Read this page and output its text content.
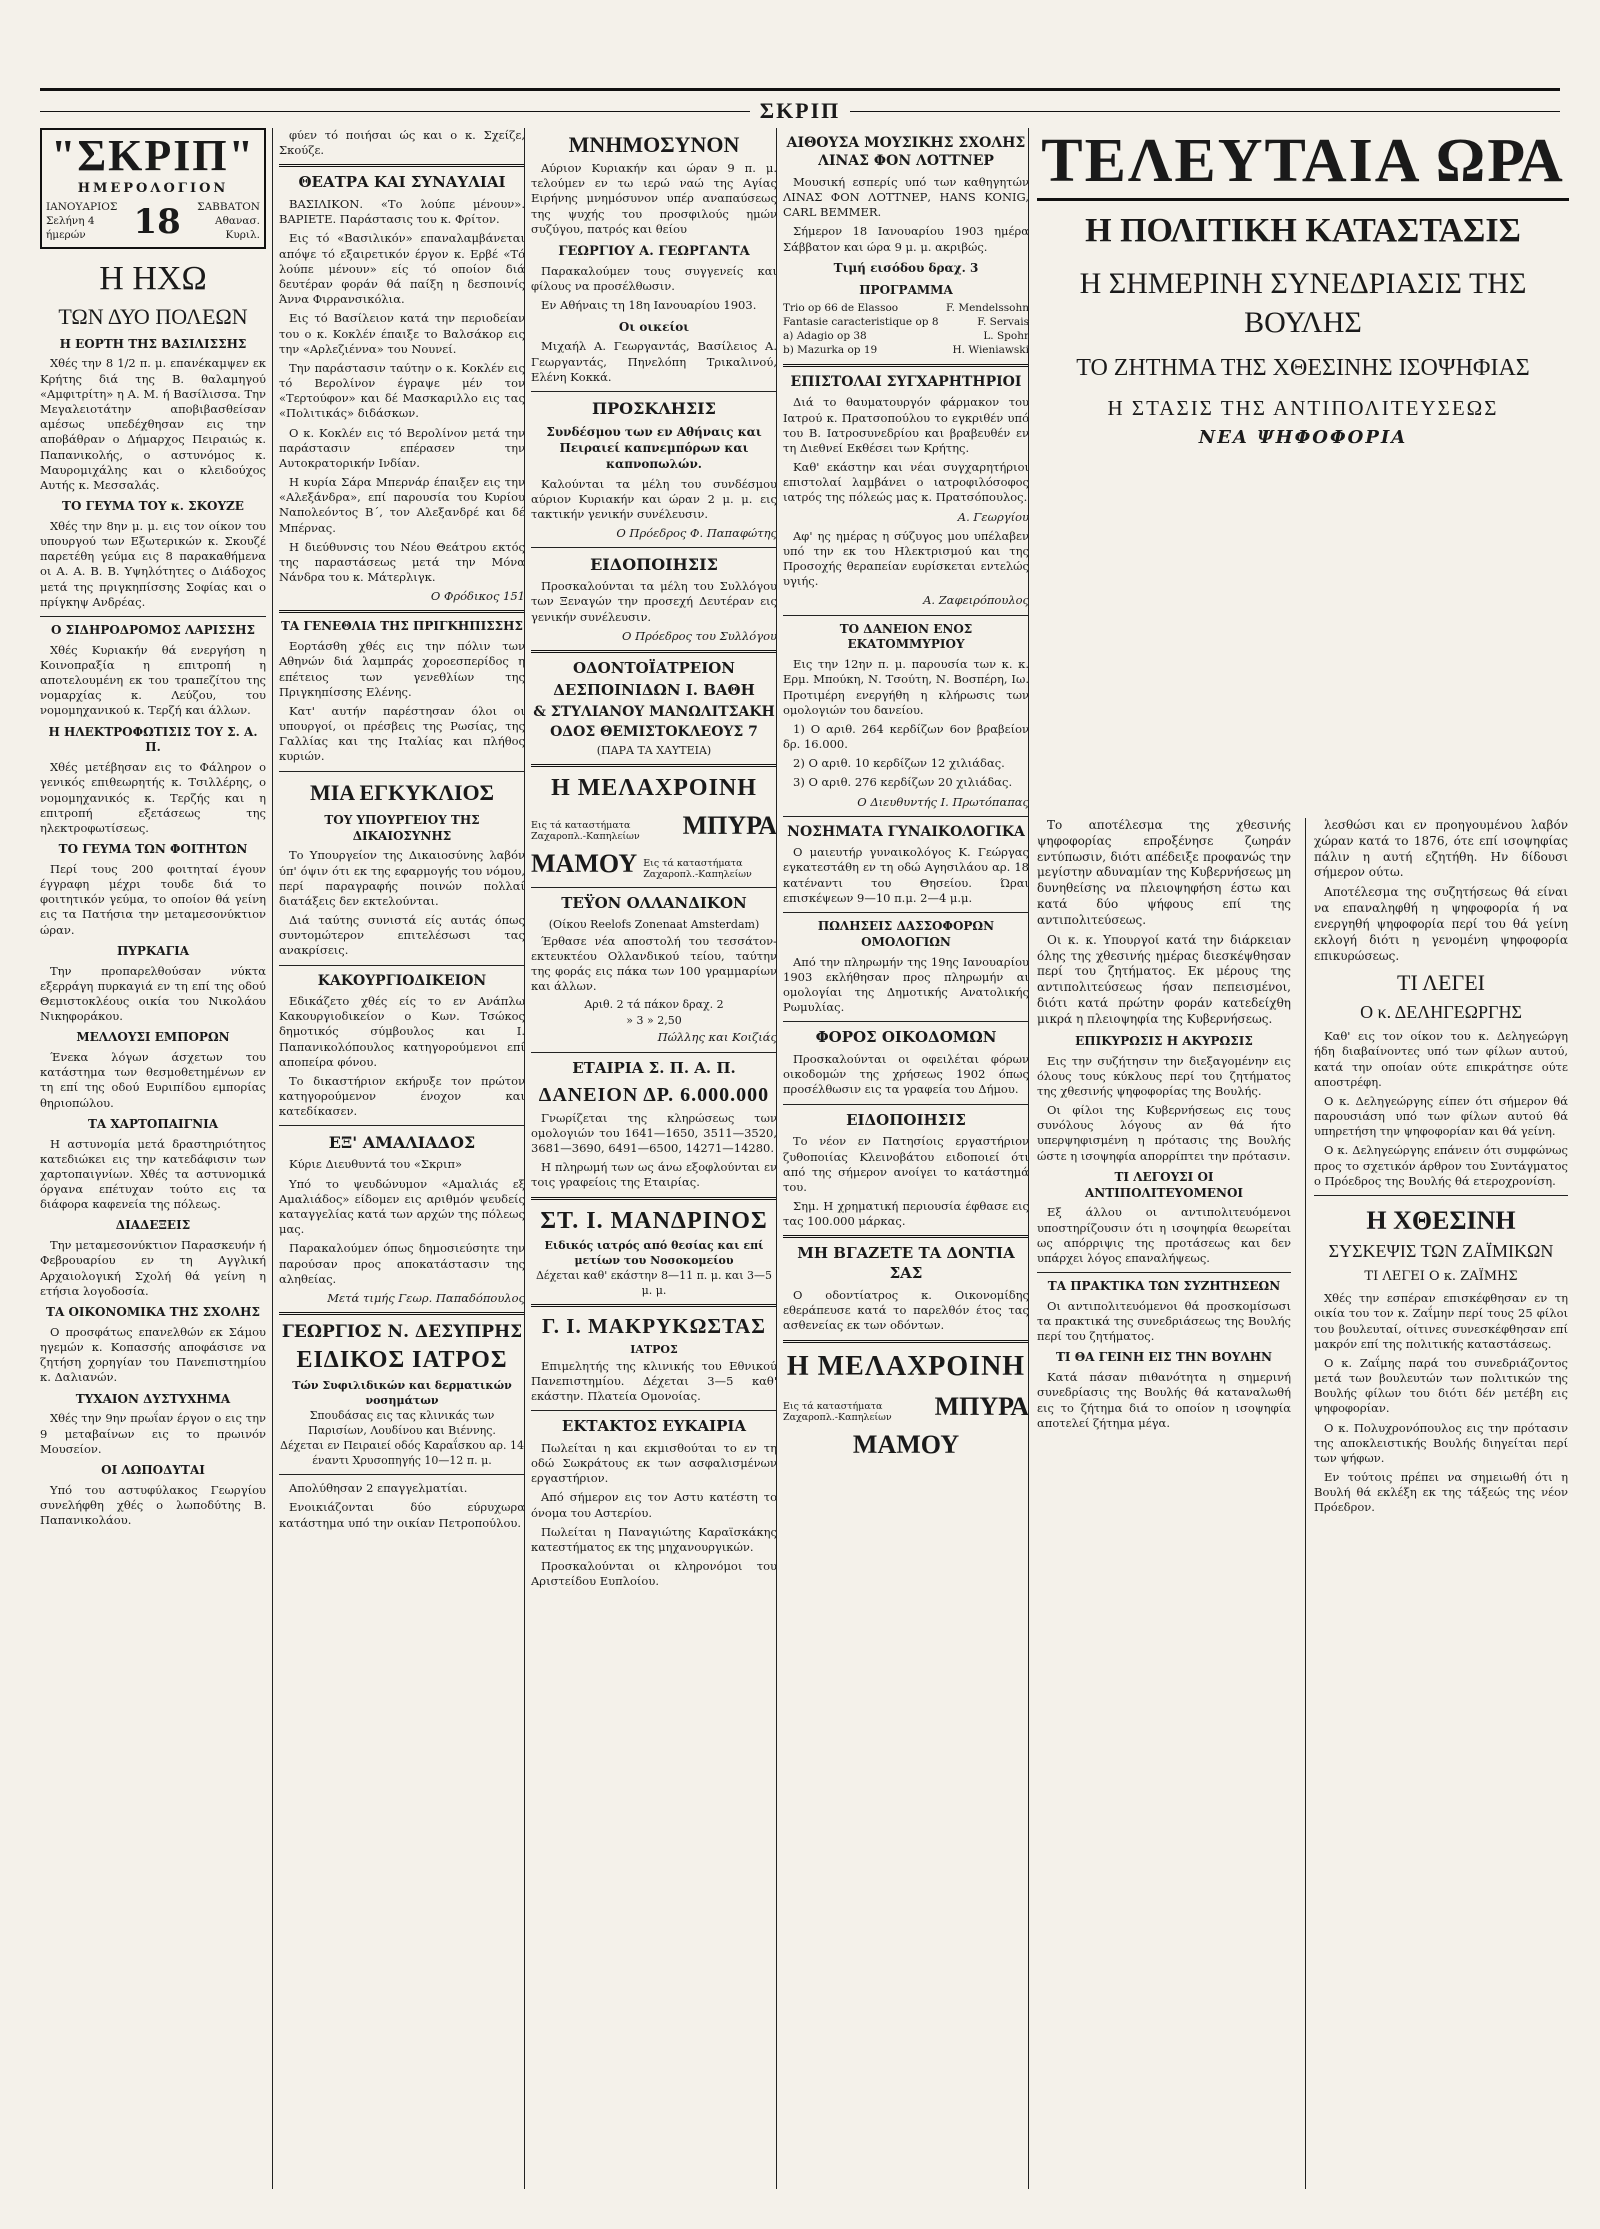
ΣΚΡΙΠ
"ΣΚΡΙΠ"
ΗΜΕΡΟΛΟΓΙΟΝ
ΙΑΝΟΥΑΡΙΟΣ
Σελήνη 4 ήμερών	18	ΣΑΒΒΑΤΟΝ
Αθανασ. Κυριλ.
Η ΗΧΩ
ΤΩΝ ΔΥΟ ΠΟΛΕΩΝ
Η ΕΟΡΤΗ ΤΗΣ ΒΑΣΙΛΙΣΣΗΣ

Χθές την 8 1/2 π. μ. επανέκαμψεν εκ Κρήτης διά της Β. θαλαμηγού «Αμφιτρίτη» η Α. Μ. ή Βασίλισσα. Την Μεγαλειοτάτην αποβιβασθείσαν αμέσως υπεδέχθησαν εις την αποβάθραν ο Δήμαρχος Πειραιώς κ. Παπανικολής, ο αστυνόμος κ. Μαυρομιχάλης και ο κλειδούχος Αυτής κ. Μεσσαλάς.

ΤΟ ΓΕΥΜΑ ΤΟΥ κ. ΣΚΟΥΖΕ

Χθές την 8ην μ. μ. εις τον οίκον του υπουργού των Εξωτερικών κ. Σκουζέ παρετέθη γεύμα εις 8 παρακαθήμενα οι Α. Α. Β. Β. Υψηλότητες ο Διάδοχος μετά της πριγκηπίσσης Σοφίας και ο πρίγκηψ Ανδρέας.

Ο ΣΙΔΗΡΟΔΡΟΜΟΣ ΛΑΡΙΣΣΗΣ

Χθές Κυριακήν θά ενεργήση η Κοινοπραξία η επιτροπή η αποτελουμένη εκ του τραπεζίτου της νομαρχίας κ. Λεύζου, του νομομηχανικού κ. Τερζή και άλλων.

Η ΗΛΕΚΤΡΟΦΩΤΙΣΙΣ ΤΟΥ Σ. Α. Π.

Χθές μετέβησαν εις το Φάληρον ο γενικός επιθεωρητής κ. Τσιλλέρης, ο νομομηχανικός κ. Τερζής και η επιτροπή εξετάσεως της ηλεκτροφωτίσεως.

ΤΟ ΓΕΥΜΑ ΤΩΝ ΦΟΙΤΗΤΩΝ

Περί τους 200 φοιτηταί έγουν έγγραφη μέχρι τουδε διά το φοιτητικόν γεύμα, το οποίον θά γείνη εις τα Πατήσια την μεταμεσονύκτιον ώραν.

ΠΥΡΚΑΓΙΑ

Την προπαρελθούσαν νύκτα εξερράγη πυρκαγιά εν τη επί της οδού Θεμιστοκλέους οικία του Νικολάου Νικηφοράκου.

ΜΕΛΛΟΥΣΙ ΕΜΠΟΡΩΝ

Ένεκα λόγων άσχετων του κατάστημα των θεσμοθετημένων εν τη επί της οδού Ευριπίδου εμπορίας θηριοπώλου.

ΤΑ ΧΑΡΤΟΠΑΙΓΝΙΑ

Η αστυνομία μετά δραστηριότητος κατεδιώκει εις την κατεδάφισιν των χαρτοπαιγνίων. Χθές τα αστυνομικά όργανα επέτυχαν τούτο εις τα διάφορα καφενεία της πόλεως.

ΔΙΑΔΕΞΕΙΣ

Την μεταμεσονύκτιον Παρασκευήν ή Φεβρουαρίου εν τη Αγγλική Αρχαιολογική Σχολή θά γείνη η ετήσια λογοδοσία.

ΤΑ ΟΙΚΟΝΟΜΙΚΑ ΤΗΣ ΣΧΟΛΗΣ

Ο προσφάτως επανελθών εκ Σάμου ηγεμών κ. Κοπασσής αποφάσισε να ζητήση χορηγίαν του Πανεπιστημίου κ. Δαλιανών.

ΤΥΧΑΙΟΝ ΔΥΣΤΥΧΗΜΑ

Χθές την 9ην πρωΐαν έργον ο εις την 9 μεταβαίνων εις το πρωινόν Μουσείον.

ΟΙ ΛΩΠΟΔΥΤΑΙ

Υπό του αστυφύλακος Γεωργίου συνελήφθη χθές ο λωποδύτης Β. Παπανικολάου.

φύεν τό ποιήσαι ώς και ο κ. Σχείζε, Σκούζε.

ΘΕΑΤΡΑ ΚΑΙ ΣΥΝΑΥΛΙΑΙ

ΒΑΣΙΛΙΚΟΝ. «Το λούπε μένουν». ΒΑΡΙΕΤΕ. Παράστασις του κ. Φρίτον.

Εις τό «Βασιλικόν» επαναλαμβάνεται απόψε τό εξαιρετικόν έργον κ. Ερβέ «Τό λούπε μένουν» είς τό οποίον διά δευτέραν φοράν θά παίξη η δεσποινίς Άννα Φιρρανσικόλια.

Εις τό Βασίλειον κατά την περιοδείαν του ο κ. Κοκλέν έπαιξε το Βαλσάκορ εις την «Αρλεζιέννα» του Νουνεί.

Την παράστασιν ταύτην ο κ. Κοκλέν εις τό Βερολίνον έγραψε μέν τον «Τερτούφον» και δέ Μασκαριλλο εις τας «Πολιτικάς» διδάσκων.

Ο κ. Κοκλέν εις τό Βερολίνον μετά την παράστασιν επέρασεν την Αυτοκρατορικήν Ινδίαν.

Η κυρία Σάρα Μπερνάρ έπαιξεν εις την «Αλεξάνδρα», επί παρουσία του Κυρίου Ναπολεόντος Β΄, τον Αλεξανδρέ και δέ Μπέρνας.

Η διεύθυνσις του Νέου Θεάτρου εκτός της παραστάσεως μετά την Μόνα Νάνδρα του κ. Μάτερλιγκ.

Ο Φρόδικος 151
ΤΑ ΓΕΝΕΘΛΙΑ ΤΗΣ ΠΡΙΓΚΗΠΙΣΣΗΣ

Εορτάσθη χθές εις την πόλιν των Αθηνών διά λαμπράς χοροεσπερίδος η επέτειος των γενεθλίων της Πριγκηπίσσης Ελένης.

Κατ' αυτήν παρέστησαν όλοι οι υπουργοί, οι πρέσβεις της Ρωσίας, της Γαλλίας και της Ιταλίας και πλήθος κυριών.

ΜΙΑ ΕΓΚΥΚΛΙΟΣ
ΤΟΥ ΥΠΟΥΡΓΕΙΟΥ ΤΗΣ ΔΙΚΑΙΟΣΥΝΗΣ

Το Υπουργείον της Δικαιοσύνης λαβόν ύπ' όψιν ότι εκ της εφαρμογής του νόμου, περί παραγραφής ποινών πολλαί διατάξεις δεν εκτελούνται.

Διά ταύτης συνιστά είς αυτάς όπως συντομώτερον επιτελέσωσι τας ανακρίσεις.

ΚΑΚΟΥΡΓΙΟΔΙΚΕΙΟΝ

Εδικάζετο χθές είς το εν Ανάπλω Κακουργιοδικείον ο Κων. Τσώκος δημοτικός σύμβουλος και Ι. Παπανικολόπουλος κατηγορούμενοι επί αποπείρα φόνου.

Το δικαστήριον εκήρυξε τον πρώτον κατηγορούμενον ένοχον και κατεδίκασεν.

ΕΞ' ΑΜΑΛΙΑΔΟΣ

Κύριε Διευθυντά του «Σκριπ»

Υπό το ψευδώνυμον «Αμαλιάς εξ Αμαλιάδος» είδομεν εις αριθμόν ψευδείς καταγγελίας κατά των αρχών της πόλεως μας.

Παρακαλούμεν όπως δημοσιεύσητε την παρούσαν προς αποκατάστασιν της αληθείας.

Μετά τιμής Γεωρ. Παπαδόπουλος
ΓΕΩΡΓΙΟΣ Ν. ΔΕΣΥΠΡΗΣ
ΕΙΔΙΚΟΣ ΙΑΤΡΟΣ
Τών Συφιλιδικών και δερματικών νοσημάτων
Σπουδάσας εις τας κλινικάς των Παρισίων, Λουδίνου και Βιέννης.
Δέχεται εν Πειραιεί οδός Καραΐσκου αρ. 14 έναντι Χρυσοπηγής 10—12 π. μ.

Απολύθησαν 2 επαγγελματίαι.

Ενοικιάζονται δύο εύρυχωρα κατάστημα υπό την οικίαν Πετροπούλου.

ΜΝΗΜΟΣΥΝΟΝ

Αύριον Κυριακήν και ώραν 9 π. μ. τελούμεν εν τω ιερώ ναώ της Αγίας Ειρήνης μνημόσυνον υπέρ αναπαύσεως της ψυχής του προσφιλούς ημών συζύγου, πατρός και θείου

ΓΕΩΡΓΙΟΥ Α. ΓΕΩΡΓΑΝΤΑ

Παρακαλούμεν τους συγγενείς και φίλους να προσέλθωσιν.

Εν Αθήναις τη 18η Ιανουαρίου 1903.

Οι οικείοι

Μιχαήλ Α. Γεωργαντάς, Βασίλειος Α. Γεωργαντάς, Πηνελόπη Τρικαλινού, Ελένη Κοκκά.

ΠΡΟΣΚΛΗΣΙΣ
Συνδέσμου των εν Αθήναις και Πειραιεί καπνεμπόρων και καπνοπωλών.

Καλούνται τα μέλη του συνδέσμου αύριον Κυριακήν και ώραν 2 μ. μ. εις τακτικήν γενικήν συνέλευσιν.

Ο Πρόεδρος Φ. Παπαφώτης
ΕΙΔΟΠΟΙΗΣΙΣ

Προσκαλούνται τα μέλη του Συλλόγου των Ξεναγών την προσεχή Δευτέραν εις γενικήν συνέλευσιν.

Ο Πρόεδρος του Συλλόγου
ΟΔΟΝΤΟΪΑΤΡΕΙΟΝ
ΔΕΣΠΟΙΝΙΔΩΝ Ι. ΒΑΘΗ
& ΣΤΥΛΙΑΝΟΥ ΜΑΝΩΛΙΤΣΑΚΗ
ΟΔΟΣ ΘΕΜΙΣΤΟΚΛΕΟΥΣ 7
(ΠΑΡΑ ΤΑ ΧΑΥΤΕΙΑ)
Η ΜΕΛΑΧΡΟΙΝΗ
Εις τά καταστήματα Ζαχαροπλ.-Καπηλείων	ΜΠΥΡΑ
ΜΑΜΟΥ Εις τά καταστήματα Ζαχαροπλ.-Καπηλείων
ΤΕΫΟΝ ΟΛΛΑΝΔΙΚΟΝ
(Οίκου Reelofs Zonenaat Amsterdam)

Έρθασε νέα αποστολή του τεσσάτον-εκτευκτέου Ολλανδικού τείου, ταύτην της φοράς εις πάκα των 100 γραμμαρίων και άλλων.

Αριθ. 2 τά πάκον δραχ. 2
» 3 » 2,50
Πώλλης και Κοιζιάς
ΕΤΑΙΡΙΑ Σ. Π. Α. Π.
ΔΑΝΕΙΟΝ ΔΡ. 6.000.000

Γνωρίζεται της κληρώσεως των ομολογιών του 1641—1650, 3511—3520, 3681—3690, 6491—6500, 14271—14280.

Η πληρωμή των ως άνω εξοφλούνται εν τοις γραφείοις της Εταιρίας.

ΣΤ. Ι. ΜΑΝΔΡΙΝΟΣ
Ειδικός ιατρός από θεσίας και επί μετίων του Νοσοκομείου
Δέχεται καθ' εκάστην 8—11 π. μ. και 3—5 μ. μ.
Γ. Ι. ΜΑΚΡΥΚΩΣΤΑΣ
ΙΑΤΡΟΣ

Επιμελητής της κλινικής του Εθνικού Πανεπιστημίου. Δέχεται 3—5 καθ' εκάστην. Πλατεία Ομονοίας.

ΕΚΤΑΚΤΟΣ ΕΥΚΑΙΡΙΑ

Πωλείται η και εκμισθούται το εν τη οδώ Σωκράτους εκ των ασφαλισμένων εργαστήριον.

Από σήμερον εις τον Αστυ κατέστη το όνομα του Αστερίου.

Πωλείται η Παναγιώτης Καραϊσκάκης κατεστήματος εκ της μηχανουργικών.

Προσκαλούνται οι κληρονόμοι του Αριστείδου Ευπλοίου.

ΑΙΘΟΥΣΑ ΜΟΥΣΙΚΗΣ ΣΧΟΛΗΣ ΛΙΝΑΣ ΦΟΝ ΛΟΤΤΝΕΡ

Μουσική εσπερίς υπό των καθηγητών ΛΙΝΑΣ ΦΟΝ ΛΟΤΤΝΕΡ, HANS KONIG, CARL BEMMER.

Σήμερον 18 Ιανουαρίου 1903 ημέρα Σάββατον και ώρα 9 μ. μ. ακριβώς.

Τιμή εισόδου δραχ. 3
ΠΡΟΓΡΑΜΜΑ
Trio op 66 de Elassoo	F. Mendelssohn
Fantasie caracteristique op 8	F. Servais
a) Adagio op 38	L. Spohr
b) Mazurka op 19	H. Wieniawski
ΕΠΙΣΤΟΛΑΙ ΣΥΓΧΑΡΗΤΗΡΙΟΙ

Διά το θαυματουργόν φάρμακον του Ιατρού κ. Πρατσοπούλου το εγκριθέν υπό του Β. Ιατροσυνεδρίου και βραβευθέν εν τη Διεθνεί Εκθέσει των Κρήτης.

Καθ' εκάστην και νέαι συγχαρητήριοι επιστολαί λαμβάνει ο ιατροφιλόσοφος ιατρός της πόλεώς μας κ. Πρατσόπουλος.

Α. Γεωργίου

Αφ' ης ημέρας η σύζυγος μου υπέλαβεν υπό την εκ του Ηλεκτρισμού και της Προσοχής θεραπείαν ευρίσκεται εντελώς υγιής.

Α. Ζαφειρόπουλος
ΤΟ ΔΑΝΕΙΟΝ ΕΝΟΣ ΕΚΑΤΟΜΜΥΡΙΟΥ

Εις την 12ην π. μ. παρουσία των κ. κ. Ερμ. Μπούκη, Ν. Τσούτη, Ν. Βοσπέρη, Ιω. Προτιμέρη ενεργήθη η κλήρωσις των ομολογιών του δανείου.

1) Ο αριθ. 264 κερδίζων 6ον βραβείον δρ. 16.000.

2) Ο αριθ. 10 κερδίζων 12 χιλιάδας.

3) Ο αριθ. 276 κερδίζων 20 χιλιάδας.

Ο Διευθυντής Ι. Πρωτόπαπας
ΝΟΣΗΜΑΤΑ ΓΥΝΑΙΚΟΛΟΓΙΚΑ

Ο μαιευτήρ γυναικολόγος Κ. Γεώργας εγκατεστάθη εν τη οδώ Αγησιλάου αρ. 18 κατέναντι του Θησείου. Ώραι επισκέψεων 9—10 π.μ. 2—4 μ.μ.

ΠΩΛΗΣΕΙΣ ΔΑΣΣΟΦΟΡΩΝ ΟΜΟΛΟΓΙΩΝ

Από την πληρωμήν της 19ης Ιανουαρίου 1903 εκλήθησαν προς πληρωμήν αι ομολογίαι της Δημοτικής Ανατολικής Ρωμυλίας.

ΦΟΡΟΣ ΟΙΚΟΔΟΜΩΝ

Προσκαλούνται οι οφειλέται φόρων οικοδομών της χρήσεως 1902 όπως προσέλθωσιν εις τα γραφεία του Δήμου.

ΕΙΔΟΠΟΙΗΣΙΣ

Το νέον εν Πατησίοις εργαστήριον ζυθοποιίας Κλεινοβάτου ειδοποιεί ότι από της σήμερον ανοίγει το κατάστημά του.

Σημ. Η χρηματική περιουσία έφθασε εις τας 100.000 μάρκας.

ΜΗ ΒΓΑΖΕΤΕ ΤΑ ΔΟΝΤΙΑ ΣΑΣ

Ο οδοντίατρος κ. Οικονομίδης εθεράπευσε κατά το παρελθόν έτος τας ασθενείας εκ των οδόντων.

Η ΜΕΛΑΧΡΟΙΝΗ
Εις τά καταστήματα Ζαχαροπλ.-Καπηλείων	ΜΠΥΡΑ
ΜΑΜΟΥ
ΤΕΛΕΥΤΑΙΑ ΩΡΑ
Η ΠΟΛΙΤΙΚΗ ΚΑΤΑΣΤΑΣΙΣ
Η ΣΗΜΕΡΙΝΗ ΣΥΝΕΔΡΙΑΣΙΣ ΤΗΣ ΒΟΥΛΗΣ
ΤΟ ΖΗΤΗΜΑ ΤΗΣ ΧΘΕΣΙΝΗΣ ΙΣΟΨΗΦΙΑΣ
Η ΣΤΑΣΙΣ ΤΗΣ ΑΝΤΙΠΟΛΙΤΕΥΣΕΩΣ
ΝΕΑ ΨΗΦΟΦΟΡΙΑ

Το αποτέλεσμα της χθεσινής ψηφοφορίας επροξένησε ζωηράν εντύπωσιν, διότι απέδειξε προφανώς την μεγίστην αδυναμίαν της Κυβερνήσεως μη δυνηθείσης να πλειοψηφήση έστω και κατά δύο ψήφους επί της αντιπολιτεύσεως.

Οι κ. κ. Υπουργοί κατά την διάρκειαν όλης της χθεσινής ημέρας διεσκέψθησαν περί του ζητήματος. Εκ μέρους της αντιπολιτεύσεως ήσαν πεπεισμένοι, διότι κατά πρώτην φοράν κατεδείχθη μικρά η πλειοψηφία της Κυβερνήσεως.

ΕΠΙΚΥΡΩΣΙΣ Η ΑΚΥΡΩΣΙΣ

Εις την συζήτησιν την διεξαγομένην εις όλους τους κύκλους περί του ζητήματος της χθεσινής ψηφοφορίας της Βουλής.

Οι φίλοι της Κυβερνήσεως εις τους συνόλους λόγους αν θά ήτο υπερψηφισμένη η πρότασις της Βουλής ώστε η ισοψηφία απορρίπτει την πρότασιν.

ΤΙ ΛΕΓΟΥΣΙ ΟΙ ΑΝΤΙΠΟΛΙΤΕΥΟΜΕΝΟΙ

Εξ άλλου οι αντιπολιτευόμενοι υποστηρίζουσιν ότι η ισοψηφία θεωρείται ως απόρριψις της προτάσεως και δεν υπάρχει λόγος επαναλήψεως.

ΤΑ ΠΡΑΚΤΙΚΑ ΤΩΝ ΣΥΖΗΤΗΣΕΩΝ

Οι αντιπολιτευόμενοι θά προσκομίσωσι τα πρακτικά της συνεδριάσεως της Βουλής περί του ζητήματος.

ΤΙ ΘΑ ΓΕΙΝΗ ΕΙΣ ΤΗΝ ΒΟΥΛΗΝ

Κατά πάσαν πιθανότητα η σημερινή συνεδρίασις της Βουλής θά καταναλωθή εις το ζήτημα διά το οποίον η ισοψηφία αποτελεί ζήτημα μέγα.

λεσθώσι και εν προηγουμένου λαβόν χώραν κατά το 1876, ότε επί ισοψηφίας πάλιν η αυτή εζητήθη. Ην δίδουσι σήμερον ούτω.

Αποτέλεσμα της συζητήσεως θά είναι να επαναληφθή η ψηφοφορία ή να ενεργηθή ψηφοφορία περί του θά γείνη εκλογή διότι η γενομένη ψηφοφορία επικυρώσεως.

ΤΙ ΛΕΓΕΙ
Ο κ. ΔΕΛΗΓΕΩΡΓΗΣ

Καθ' εις τον οίκον του κ. Δεληγεώργη ήδη διαβαίνοντες υπό των φίλων αυτού, κατά την οποίαν ούτε επικράτησε ούτε αποστρέφη.

Ο κ. Δεληγεώργης είπεν ότι σήμερον θά παρουσιάση υπό των φίλων αυτού θά υπηρετήση την ψηφοφορίαν και θά γείνη.

Ο κ. Δεληγεώργης επάνειν ότι συμφώνως προς το σχετικόν άρθρον του Συντάγματος ο Πρόεδρος της Βουλής θά ετεροχρονίση.

Η ΧΘΕΣΙΝΗ
ΣΥΣΚΕΨΙΣ ΤΩΝ ΖΑΪΜΙΚΩΝ
ΤΙ ΛΕΓΕΙ Ο κ. ΖΑΪΜΗΣ

Χθές την εσπέραν επισκέφθησαν εν τη οικία του τον κ. Ζαΐμην περί τους 25 φίλοι του βουλευταί, οίτινες συνεσκέφθησαν επί μακρόν επί της πολιτικής καταστάσεως.

Ο κ. Ζαΐμης παρά του συνεδριάζοντος μετά των βουλευτών των πολιτικών της Βουλής φίλων του διότι δέν μετέβη εις ψηφοφορίαν.

Ο κ. Πολυχρονόπουλος εις την πρότασιν της αποκλειστικής Βουλής διηγείται περί των ψήφων.

Εν τούτοις πρέπει να σημειωθή ότι η Βουλή θά εκλέξη εκ της τάξεώς της νέον Πρόεδρον.
